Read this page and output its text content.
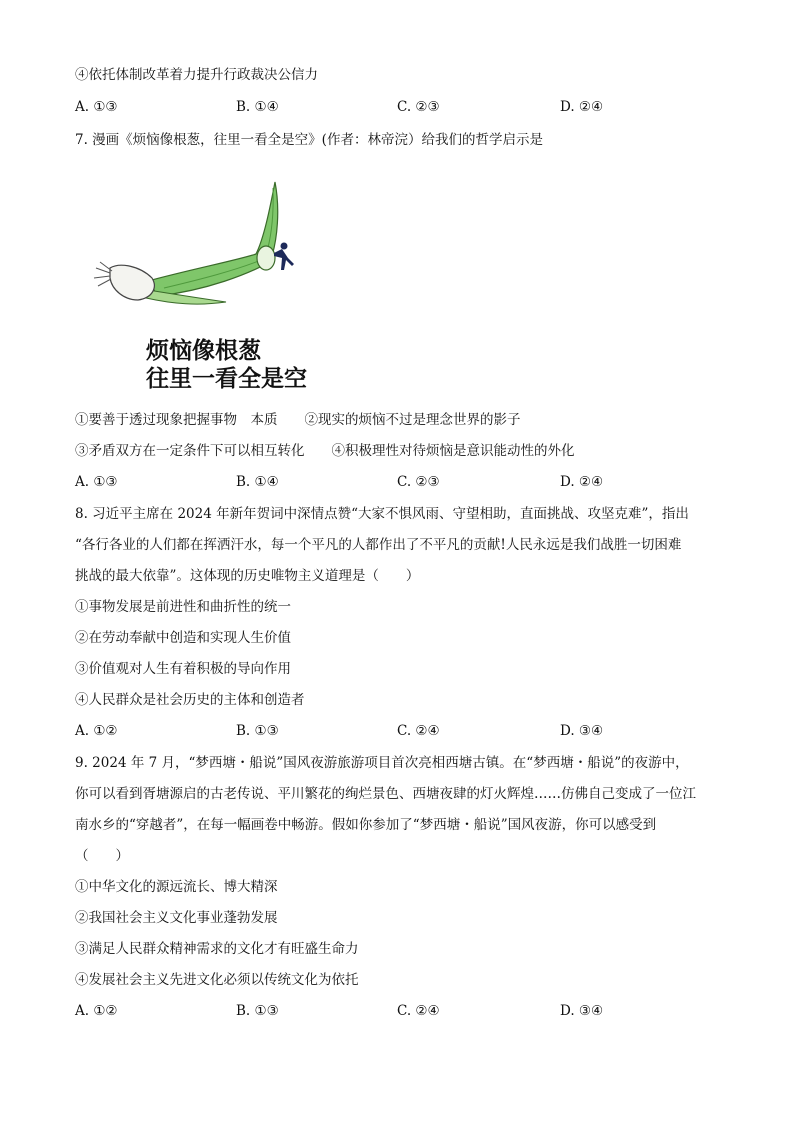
④依托体制改革着力提升行政裁决公信力
A. ①③	B. ①④	C. ②③	D. ②④
7. 漫画《烦恼像根葱，往里一看全是空》(作者：林帝浣）给我们的哲学启示是
烦恼像根葱
往里一看全是空
①要善于透过现象把握事物　本质　　②现实的烦恼不过是理念世界的影子
③矛盾双方在一定条件下可以相互转化　　④积极理性对待烦恼是意识能动性的外化
A. ①③	B. ①④	C. ②③	D. ②④
8. 习近平主席在 2024 年新年贺词中深情点赞“大家不惧风雨、守望相助，直面挑战、攻坚克难”，指出
“各行各业的人们都在挥洒汗水，每一个平凡的人都作出了不平凡的贡献!人民永远是我们战胜一切困难
挑战的最大依靠”。这体现的历史唯物主义道理是（　　）
①事物发展是前进性和曲折性的统一
②在劳动奉献中创造和实现人生价值
③价值观对人生有着积极的导向作用
④人民群众是社会历史的主体和创造者
A. ①②	B. ①③	C. ②④	D. ③④
9. 2024 年 7 月，“梦西塘・船说”国风夜游旅游项目首次亮相西塘古镇。在“梦西塘・船说”的夜游中，
你可以看到胥塘源启的古老传说、平川繁花的绚烂景色、西塘夜肆的灯火辉煌……仿佛自己变成了一位江
南水乡的“穿越者”，在每一幅画卷中畅游。假如你参加了“梦西塘・船说”国风夜游，你可以感受到
（　　）
①中华文化的源远流长、博大精深
②我国社会主义文化事业蓬勃发展
③满足人民群众精神需求的文化才有旺盛生命力
④发展社会主义先进文化必须以传统文化为依托
A. ①②	B. ①③	C. ②④	D. ③④
